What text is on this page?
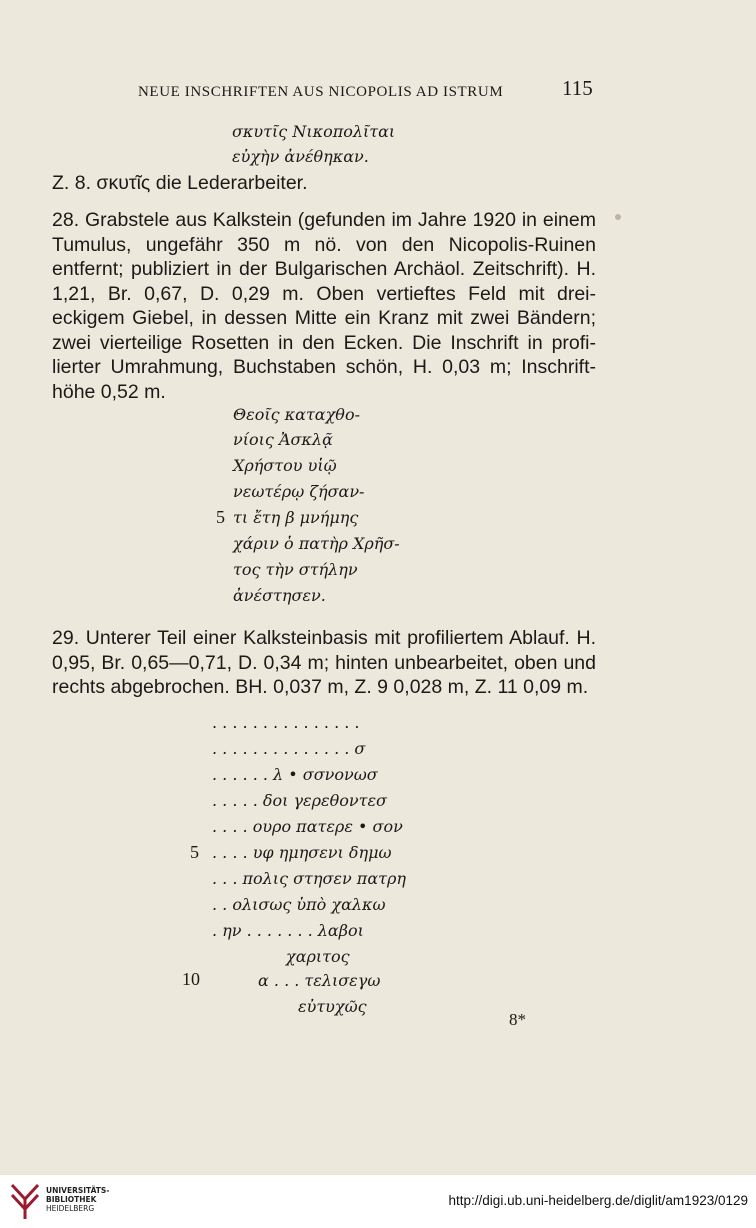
NEUE INSCHRIFTEN AUS NICOPOLIS AD ISTRUM	115
σκυτῖς Νικοπολῖται
εὐχὴν ἀνέθηκαν.
Z. 8. σκυτῖς die Lederarbeiter.
28. Grabstele aus Kalkstein (gefunden im Jahre 1920 in einem Tumulus, ungefähr 350 m nö. von den Nicopolis-Ruinen entfernt; publiziert in der Bulgarischen Archäol. Zeitschrift). H. 1,21, Br. 0,67, D. 0,29 m. Oben vertieftes Feld mit drei-eckigem Giebel, in dessen Mitte ein Kranz mit zwei Bändern; zwei vierteilige Rosetten in den Ecken. Die Inschrift in profi-lierter Umrahmung, Buchstaben schön, H. 0,03 m; Inschrift-höhe 0,52 m.
Θεοῖς καταχθο-
νίοις Ἀσκλᾷ
Χρήστου υἱῷ
νεωτέρῳ ζήσαν-
5 τι ἔτη β μνήμης
χάριν ὁ πατὴρ Χρῆσ-
τος τὴν στήλην
ἀνέστησεν.
29. Unterer Teil einer Kalksteinbasis mit profiliertem Ablauf. H. 0,95, Br. 0,65—0,71, D. 0,34 m; hinten unbearbeitet, oben und rechts abgebrochen. BH. 0,037 m, Z. 9 0,028 m, Z. 11 0,09 m.
. . . . . . . . . . . . . . .
. . . . . . . . . . . . . . σ
. . . . . . λ • σσνονωσ
. . . . . δοι γερεθοντεσ
. . . . ουρο πατερε • σον
5 . . . . υφ ημησενι δημω
. . . πολις στησεν πατρη
. . ολισως ὑπὸ χαλκω
. ην . . . . . . . λαβοι
χαριτος
10	α . . . τελισεγω
εὐτυχῶς
8*
UNIVERSITÄTS-
BIBLIOTHEK
HEIDELBERG
http://digi.ub.uni-heidelberg.de/diglit/am1923/0129
